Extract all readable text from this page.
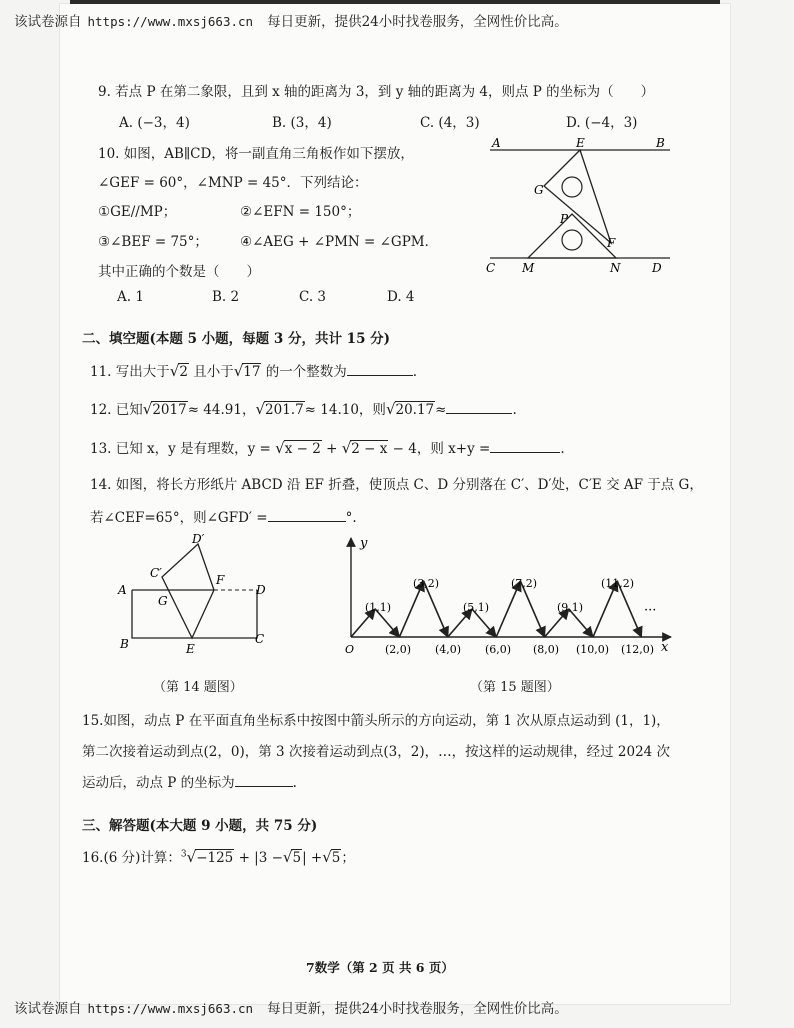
该试卷源自 https://www.mxsj663.cn 每日更新，提供24小时找卷服务，全网性价比高。
9. 若点 P 在第二象限，且到 x 轴的距离为 3，到 y 轴的距离为 4，则点 P 的坐标为（　　）
A. (−3，4)	B. (3，4)	C. (4，3)	D. (−4，3)
10. 如图，AB∥CD，将一副直角三角板作如下摆放，
∠GEF = 60°，∠MNP = 45°．下列结论：
①GE//MP；	②∠EFN = 150°；
③∠BEF = 75°； ④∠AEG + ∠PMN = ∠GPM．
其中正确的个数是（　　）
A. 1	B. 2	C. 3	D. 4
A	E	B
G
P
F
C M	N	D
二、填空题(本题 5 小题，每题 3 分，共计 15 分)
11. 写出大于√2 且小于√17 的一个整数为	.
12. 已知√2017≈ 44.91，√201.7≈ 14.10，则√20.17≈	.
13. 已知 x，y 是有理数，y = √x − 2 + √2 − x − 4，则 x+y =	.
14. 如图，将长方形纸片 ABCD 沿 EF 折叠，使顶点 C、D 分别落在 C′、D′处，C′E 交 AF 于点 G，
若∠CEF=65°，则∠GFD′ =	°.
D′
C′	F
A
G
D
B	E
C
y
x
O
(1,1)
(3,2)
(5,1)
(7,2)
(9,1)
(11,2)
(2,0) (4,0) (6,0) (8,0) (10,0) (12,0)
···
（第 14 题图）	（第 15 题图）
15.如图，动点 P 在平面直角坐标系中按图中箭头所示的方向运动，第 1 次从原点运动到 (1，1)，
第二次接着运动到点(2，0)，第 3 次接着运动到点(3，2)，…，按这样的运动规律，经过 2024 次
运动后，动点 P 的坐标为	.
三、解答题(本大题 9 小题，共 75 分)
16.(6 分)计算：$^3$√−125 + |3 −√5| +√5；
7数学（第 2 页 共 6 页）
该试卷源自 https://www.mxsj663.cn 每日更新，提供24小时找卷服务，全网性价比高。
